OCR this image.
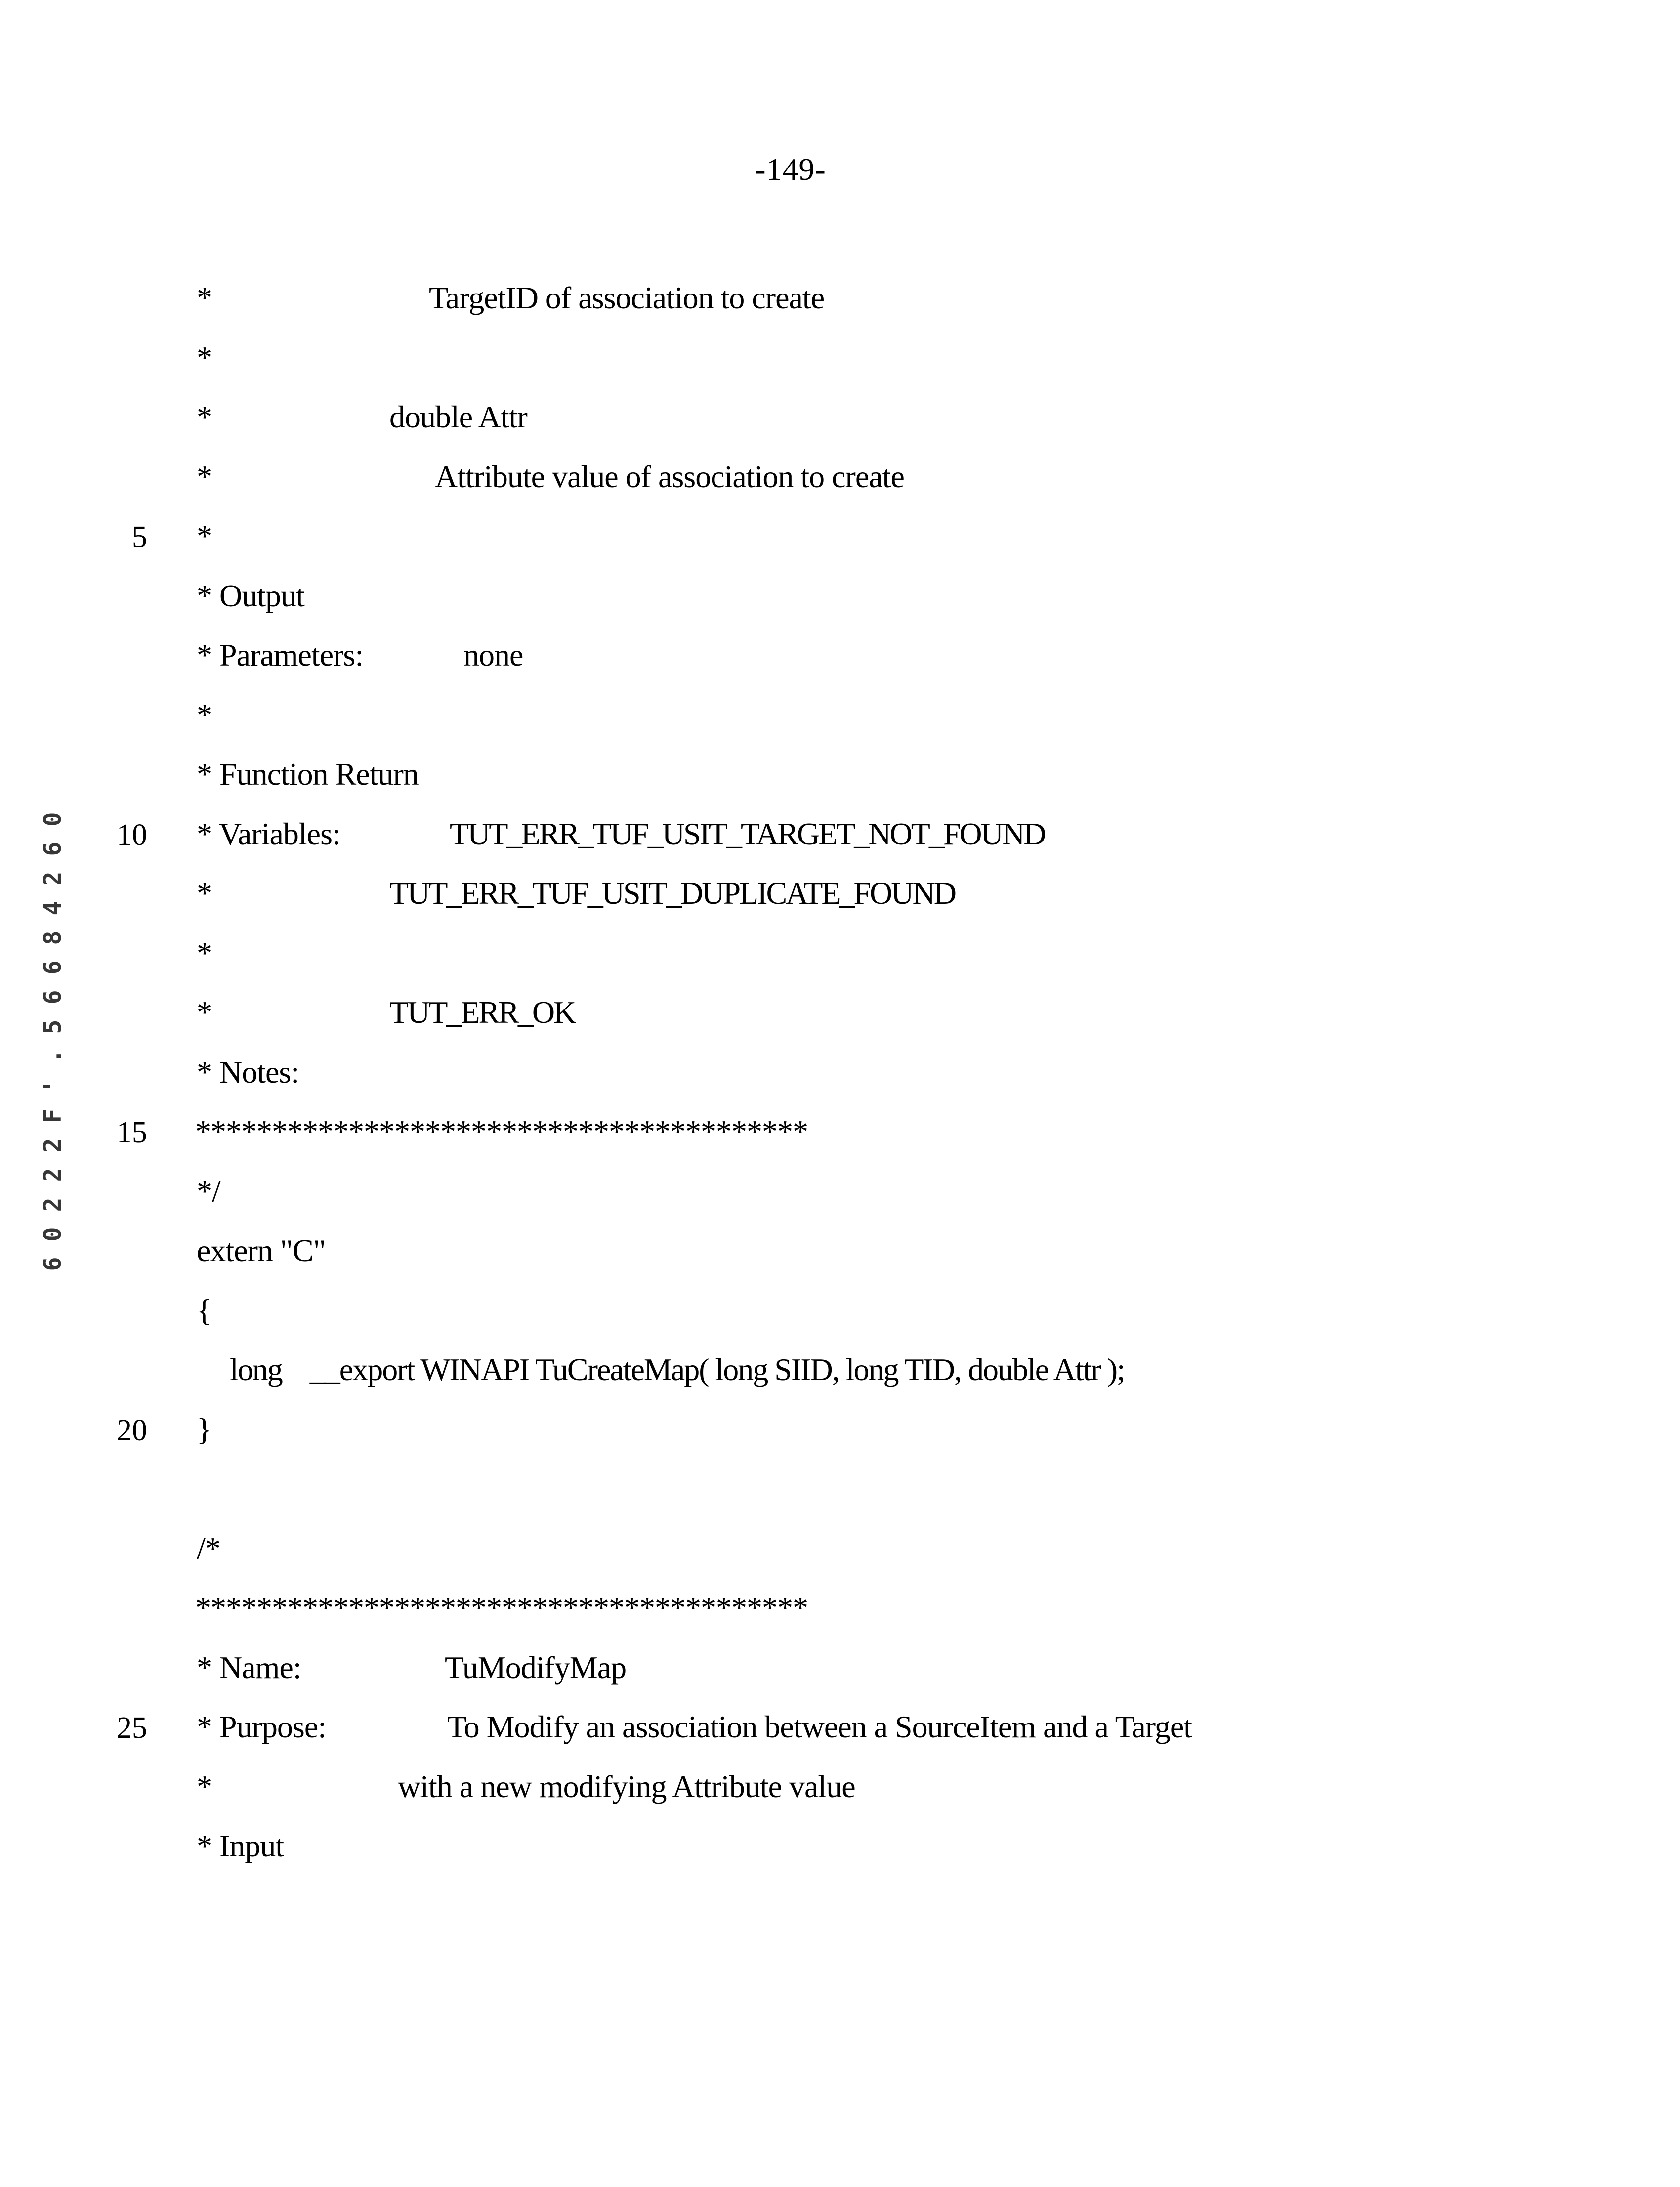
-149-
5
10
15
20
25
0
6
2
4
8
6
6
5
.
'
F
2
2
2
0
6

*

	TargetID of association to create

*

*

	double Attr

*

	Attribute value of association to create

*

* Output

* Parameters:

	none

*

* Function Return

* Variables:

	TUT_ERR_TUF_USIT_TARGET_NOT_FOUND

*

	TUT_ERR_TUF_USIT_DUPLICATE_FOUND

*

*

	TUT_ERR_OK

* Notes:

****************************************

*/

extern "C"

{

long    __export WINAPI TuCreateMap( long SIID, long TID, double Attr );

}

/*

****************************************

* Name:

	TuModifyMap

* Purpose:

	To Modify an association between a SourceItem and a Target

*

	with a new modifying Attribute value

* Input
